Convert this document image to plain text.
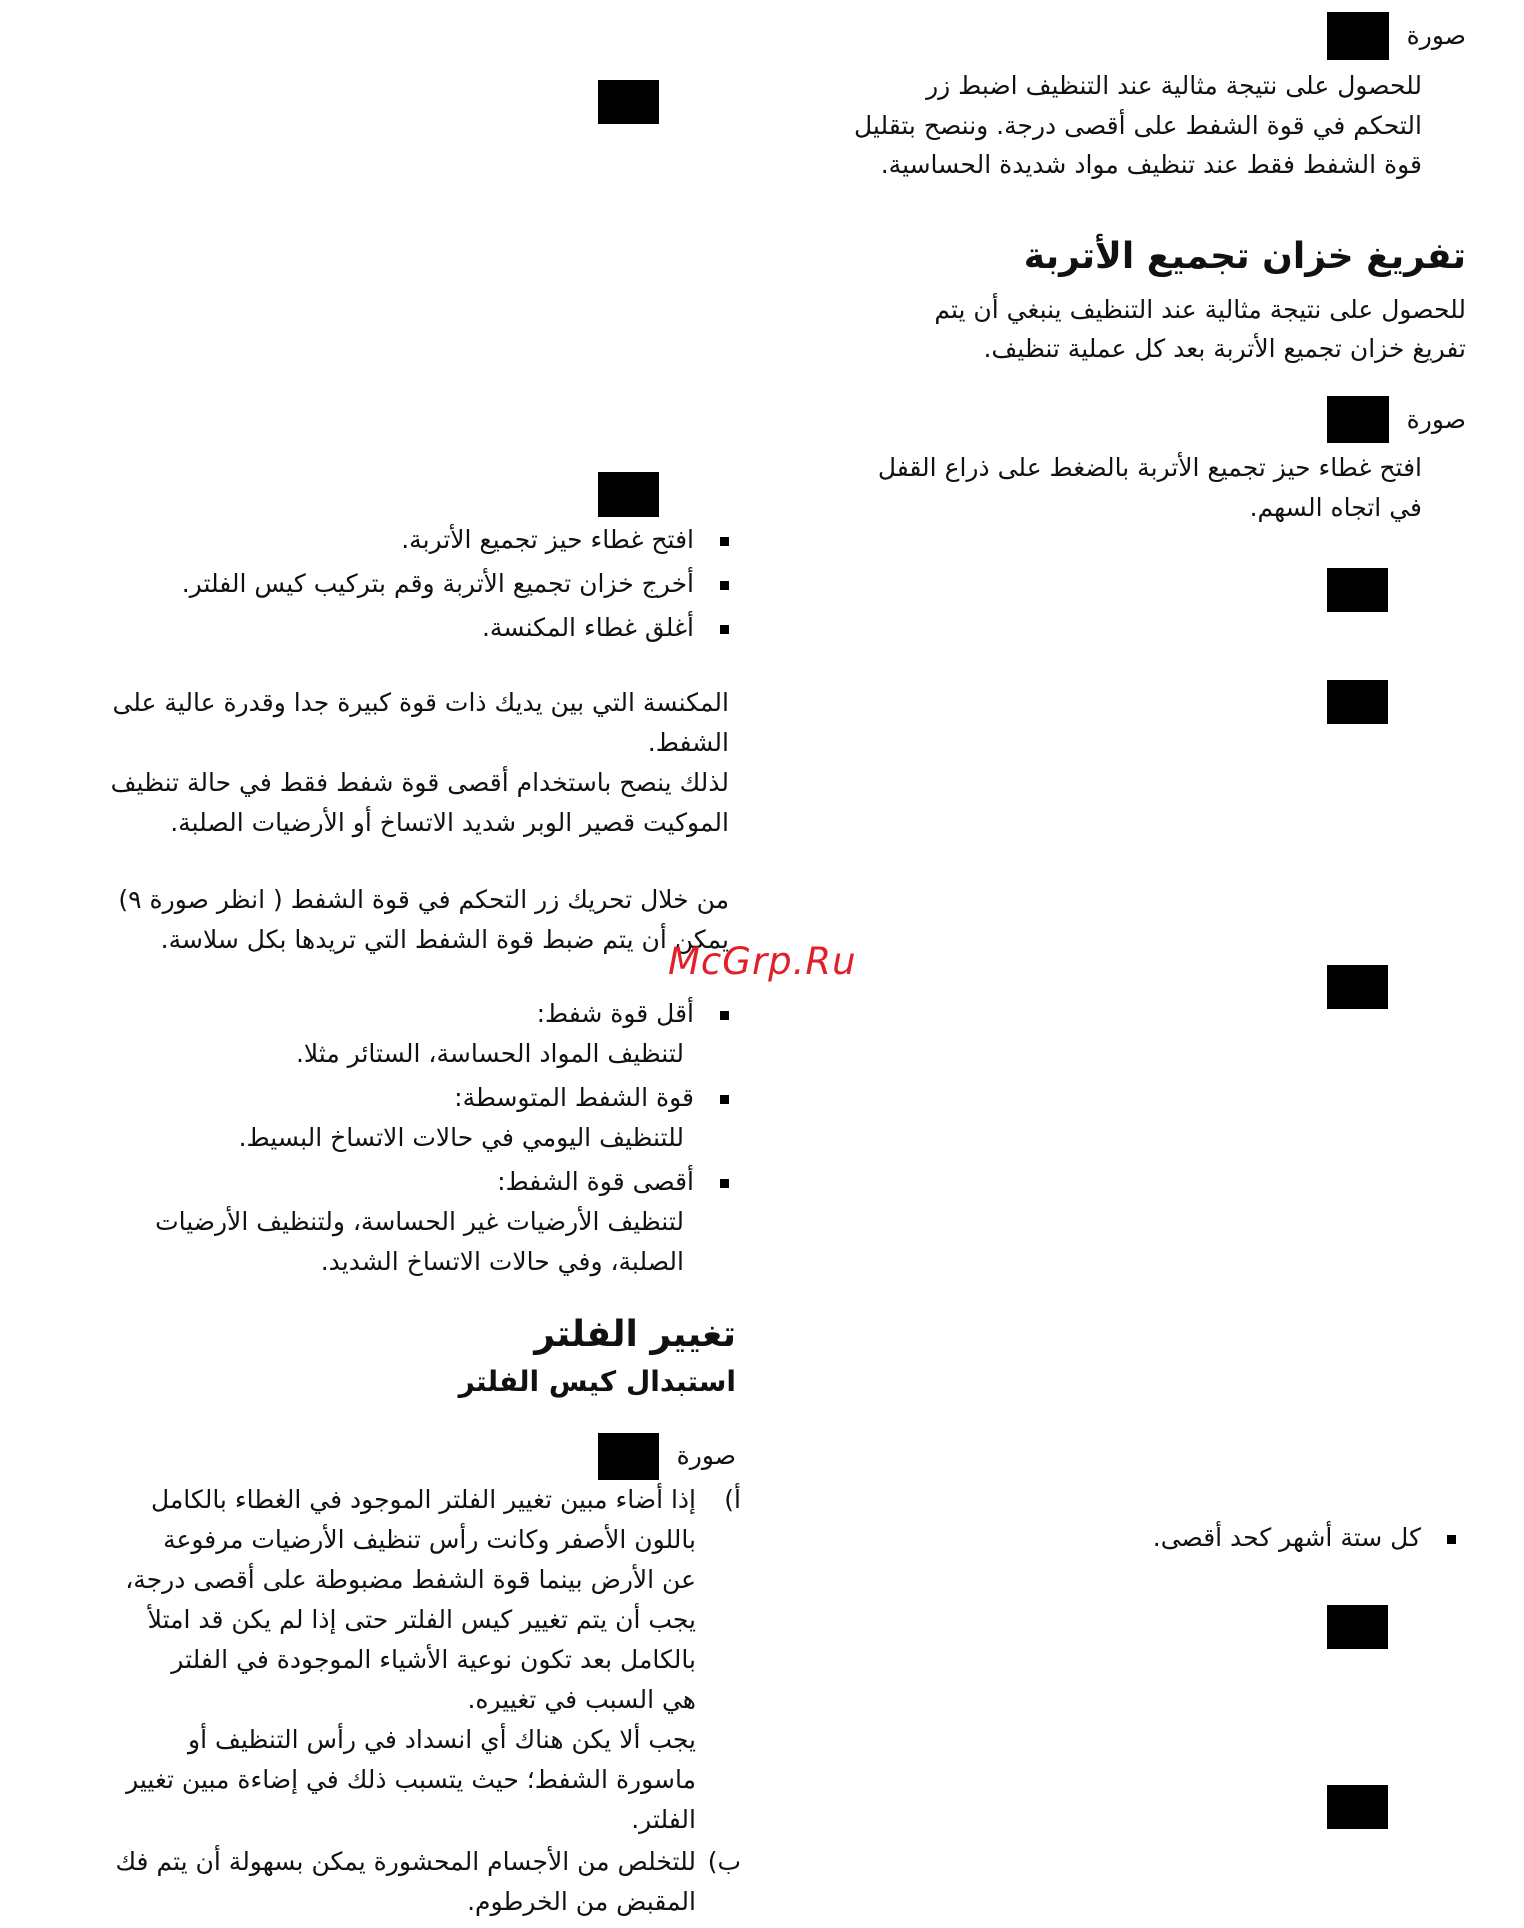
صورة
صورة
صورة
للحصول على نتيجة مثالية عند التنظيف اضبط زر
التحكم في قوة الشفط على أقصى درجة. وننصح بتقليل
قوة الشفط فقط عند تنظيف مواد شديدة الحساسية.
تفريغ خزان تجميع الأتربة
للحصول على نتيجة مثالية عند التنظيف ينبغي أن يتم
تفريغ خزان تجميع الأتربة بعد كل عملية تنظيف.
افتح غطاء حيز تجميع الأتربة بالضغط على ذراع القفل
في اتجاه السهم.
افتح غطاء حيز تجميع الأتربة.
أخرج خزان تجميع الأتربة وقم بتركيب كيس الفلتر.
أغلق غطاء المكنسة.
المكنسة التي بين يديك ذات قوة كبيرة جدا وقدرة عالية على
الشفط.
لذلك ينصح باستخدام أقصى قوة شفط فقط في حالة تنظيف
الموكيت قصير الوبر شديد الاتساخ أو الأرضيات الصلبة.
من خلال تحريك زر التحكم في قوة الشفط ( انظر صورة ٩)
يمكن أن يتم ضبط قوة الشفط التي تريدها بكل سلاسة.
أقل قوة شفط:
لتنظيف المواد الحساسة، الستائر مثلا.
قوة الشفط المتوسطة:
للتنظيف اليومي في حالات الاتساخ البسيط.
أقصى قوة الشفط:
لتنظيف الأرضيات غير الحساسة، ولتنظيف الأرضيات
الصلبة، وفي حالات الاتساخ الشديد.
تغيير الفلتر
استبدال كيس الفلتر
أ)
إذا أضاء مبين تغيير الفلتر الموجود في الغطاء بالكامل
باللون الأصفر وكانت رأس تنظيف الأرضيات مرفوعة
عن الأرض بينما قوة الشفط مضبوطة على أقصى درجة،
يجب أن يتم تغيير كيس الفلتر حتى إذا لم يكن قد امتلأ
بالكامل بعد تكون نوعية الأشياء الموجودة في الفلتر
هي السبب في تغييره.
يجب ألا يكن هناك أي انسداد في رأس التنظيف أو
ماسورة الشفط؛ حيث يتسبب ذلك في إضاءة مبين تغيير
الفلتر.
ب)
للتخلص من الأجسام المحشورة يمكن بسهولة أن يتم فك
المقبض من الخرطوم.
كل ستة أشهر كحد أقصى.
McGrp.Ru
